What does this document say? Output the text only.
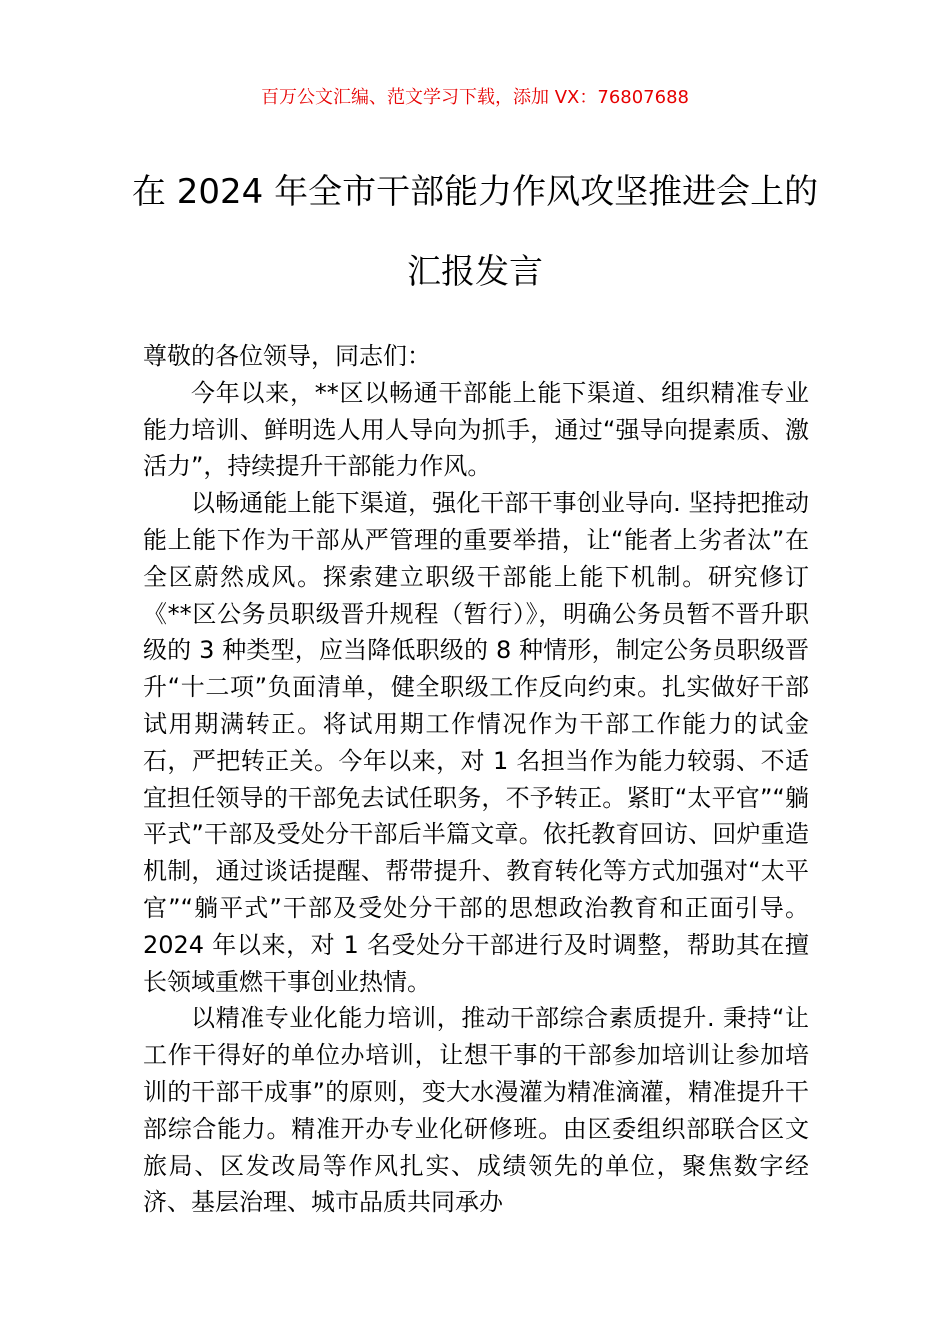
百万公文汇编、范文学习下载，添加 VX：76807688
在 2024 年全市干部能力作风攻坚推进会上的汇报发言

尊敬的各位领导，同志们：

今年以来，**区以畅通干部能上能下渠道、组织精准专业能力培训、鲜明选人用人导向为抓手，通过“强导向提素质、激活力”，持续提升干部能力作风。

以畅通能上能下渠道，强化干部干事创业导向. 坚持把推动能上能下作为干部从严管理的重要举措，让“能者上劣者汰”在全区蔚然成风。探索建立职级干部能上能下机制。研究修订《**区公务员职级晋升规程（暂行）》，明确公务员暂不晋升职级的 3 种类型，应当降低职级的 8 种情形，制定公务员职级晋升“十二项”负面清单，健全职级工作反向约束。扎实做好干部试用期满转正。将试用期工作情况作为干部工作能力的试金石，严把转正关。今年以来，对 1 名担当作为能力较弱、不适宜担任领导的干部免去试任职务，不予转正。紧盯“太平官”“躺平式”干部及受处分干部后半篇文章。依托教育回访、回炉重造机制，通过谈话提醒、帮带提升、教育转化等方式加强对“太平官”“躺平式”干部及受处分干部的思想政治教育和正面引导。2024 年以来，对 1 名受处分干部进行及时调整，帮助其在擅长领域重燃干事创业热情。

以精准专业化能力培训，推动干部综合素质提升. 秉持“让工作干得好的单位办培训，让想干事的干部参加培训让参加培训的干部干成事”的原则，变大水漫灌为精准滴灌，精准提升干部综合能力。精准开办专业化研修班。由区委组织部联合区文旅局、区发改局等作风扎实、成绩领先的单位，聚焦数字经济、基层治理、城市品质共同承办
